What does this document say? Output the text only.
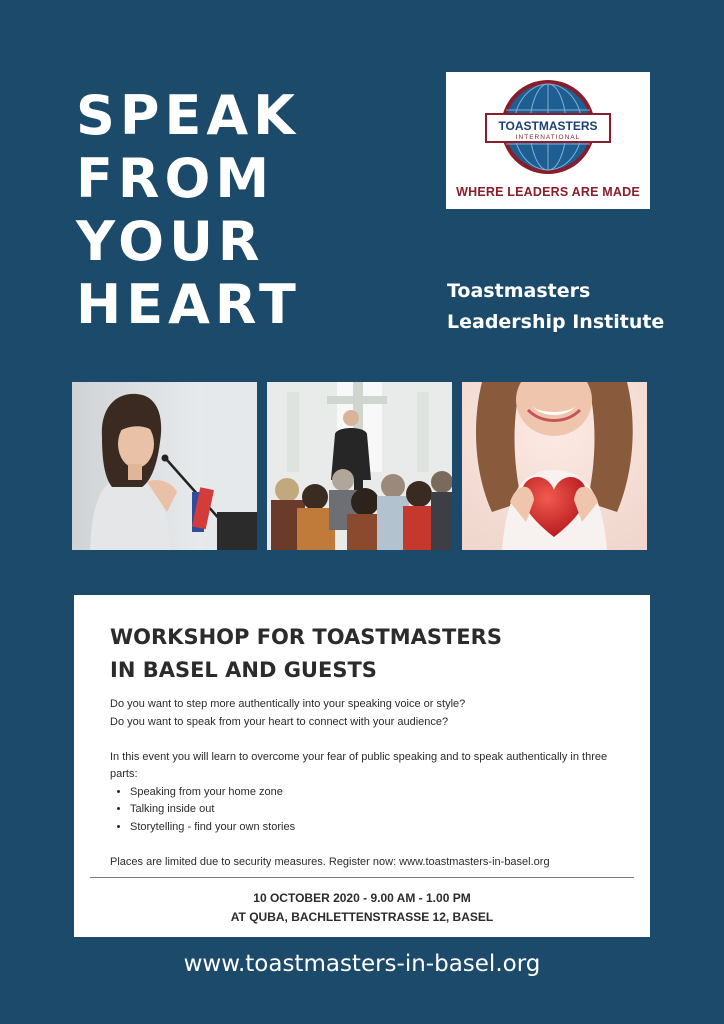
SPEAK
FROM
YOUR
HEART
TOASTMASTERS
INTERNATIONAL
WHERE LEADERS ARE MADE
Toastmasters
Leadership Institute
WORKSHOP FOR TOASTMASTERS
IN BASEL AND GUESTS

Do you want to step more authentically into your speaking voice or style?

Do you want to speak from your heart to connect with your audience?

In this event you will learn to overcome your fear of public speaking and to speak authentically in three parts:

• Speaking from your home zone
• Talking inside out
• Storytelling - find your own stories

Places are limited due to security measures. Register now: www.toastmasters-in-basel.org

10 OCTOBER 2020 - 9.00 AM - 1.00 PM
AT QUBA, BACHLETTENSTRASSE 12, BASEL
www.toastmasters-in-basel.org
